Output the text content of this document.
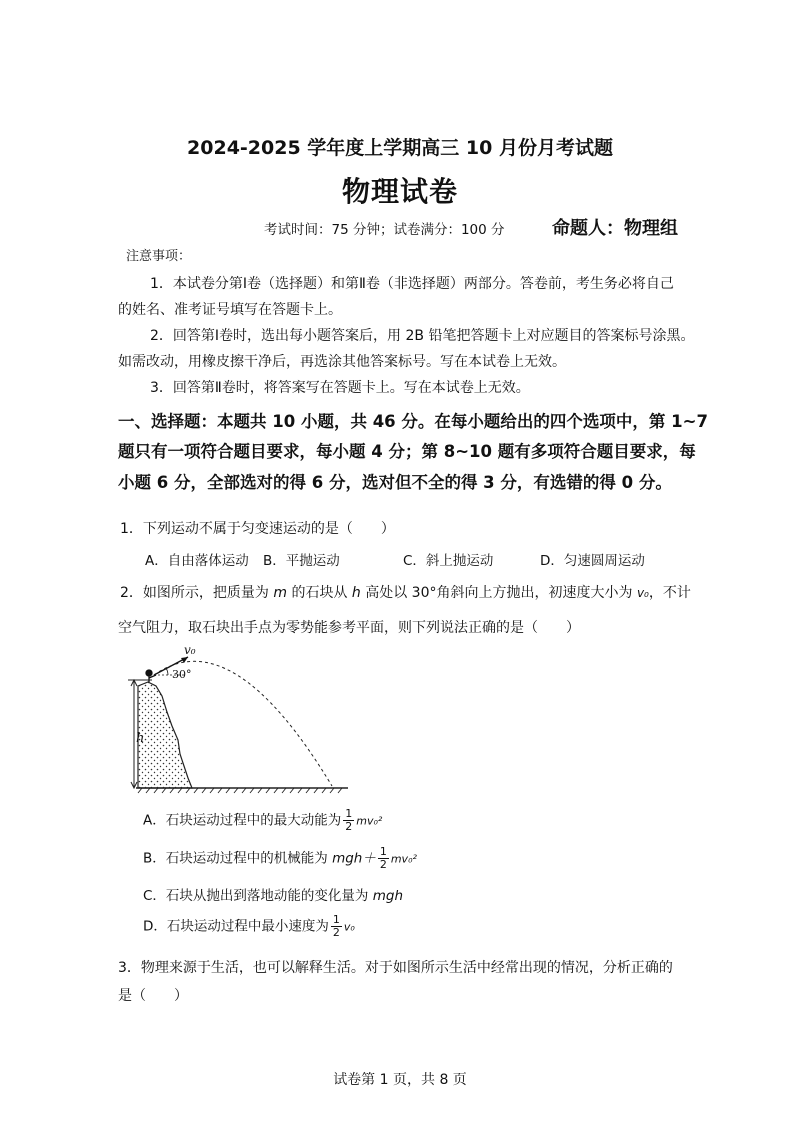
2024-2025 学年度上学期高三 10 月份月考试题
物理试卷
考试时间：75 分钟；试卷满分：100 分	命题人：物理组
注意事项：
1．本试卷分第Ⅰ卷（选择题）和第Ⅱ卷（非选择题）两部分。答卷前，考生务必将自己
的姓名、准考证号填写在答题卡上。
2．回答第Ⅰ卷时，选出每小题答案后，用 2B 铅笔把答题卡上对应题目的答案标号涂黑。
如需改动，用橡皮擦干净后，再选涂其他答案标号。写在本试卷上无效。
3．回答第Ⅱ卷时，将答案写在答题卡上。写在本试卷上无效。
一、选择题：本题共 10 小题，共 46 分。在每小题给出的四个选项中，第 1~7
题只有一项符合题目要求，每小题 4 分；第 8~10 题有多项符合题目要求，每
小题 6 分，全部选对的得 6 分，选对但不全的得 3 分，有选错的得 0 分。
1．下列运动不属于匀变速运动的是（　　）
A．自由落体运动 B．平抛运动	C．斜上抛运动	D．匀速圆周运动
2．如图所示，把质量为 m 的石块从 h 高处以 30°角斜向上方抛出，初速度大小为 v₀，不计
空气阻力，取石块出手点为零势能参考平面，则下列说法正确的是（　　）
h
v₀
30°
A．石块运动过程中的最大动能为 $\frac{1}{2} mv_0^2$
B．石块运动过程中的机械能为 $mgh+ \frac{1}{2} mv_0^2$
C．石块从抛出到落地动能的变化量为 mgh
D．石块运动过程中最小速度为 $\frac{1}{2} v_0$
3．物理来源于生活，也可以解释生活。对于如图所示生活中经常出现的情况，分析正确的
是（　　）
试卷第 1 页，共 8 页
